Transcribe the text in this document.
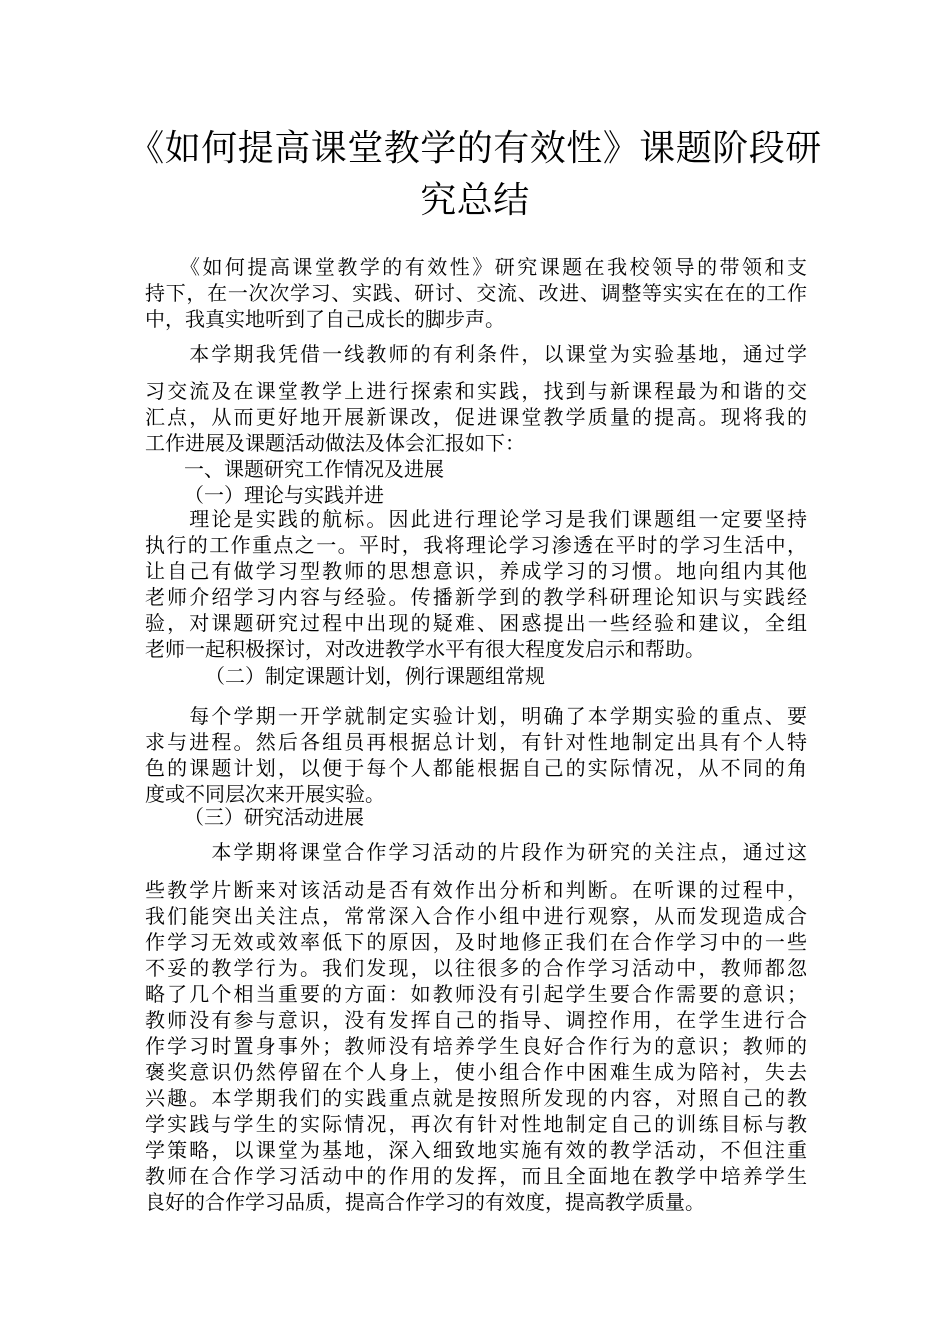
《如何提高课堂教学的有效性》课题阶段研
究总结
　　《如何提高课堂教学的有效性》研究课题在我校领导的带领和支
持下，在一次次学习、实践、研讨、交流、改进、调整等实实在在的工作
中，我真实地听到了自己成长的脚步声。
　　本学期我凭借一线教师的有利条件，以课堂为实验基地，通过学
习交流及在课堂教学上进行探索和实践，找到与新课程最为和谐的交
汇点，从而更好地开展新课改，促进课堂教学质量的提高。现将我的
工作进展及课题活动做法及体会汇报如下：
一、课题研究工作情况及进展
（一）理论与实践并进
　　理论是实践的航标。因此进行理论学习是我们课题组一定要坚持
执行的工作重点之一。平时，我将理论学习渗透在平时的学习生活中，
让自己有做学习型教师的思想意识，养成学习的习惯。地向组内其他
老师介绍学习内容与经验。传播新学到的教学科研理论知识与实践经
验，对课题研究过程中出现的疑难、困惑提出一些经验和建议，全组
老师一起积极探讨，对改进教学水平有很大程度发启示和帮助。
（二）制定课题计划，例行课题组常规
　　每个学期一开学就制定实验计划，明确了本学期实验的重点、要
求与进程。然后各组员再根据总计划，有针对性地制定出具有个人特
色的课题计划，以便于每个人都能根据自己的实际情况，从不同的角
度或不同层次来开展实验。
（三）研究活动进展
　　　本学期将课堂合作学习活动的片段作为研究的关注点，通过这
些教学片断来对该活动是否有效作出分析和判断。在听课的过程中，
我们能突出关注点，常常深入合作小组中进行观察，从而发现造成合
作学习无效或效率低下的原因，及时地修正我们在合作学习中的一些
不妥的教学行为。我们发现，以往很多的合作学习活动中，教师都忽
略了几个相当重要的方面：如教师没有引起学生要合作需要的意识；
教师没有参与意识，没有发挥自己的指导、调控作用，在学生进行合
作学习时置身事外；教师没有培养学生良好合作行为的意识；教师的
褒奖意识仍然停留在个人身上，使小组合作中困难生成为陪衬，失去
兴趣。本学期我们的实践重点就是按照所发现的内容，对照自己的教
学实践与学生的实际情况，再次有针对性地制定自己的训练目标与教
学策略，以课堂为基地，深入细致地实施有效的教学活动，不但注重
教师在合作学习活动中的作用的发挥，而且全面地在教学中培养学生
良好的合作学习品质，提高合作学习的有效度，提高教学质量。
